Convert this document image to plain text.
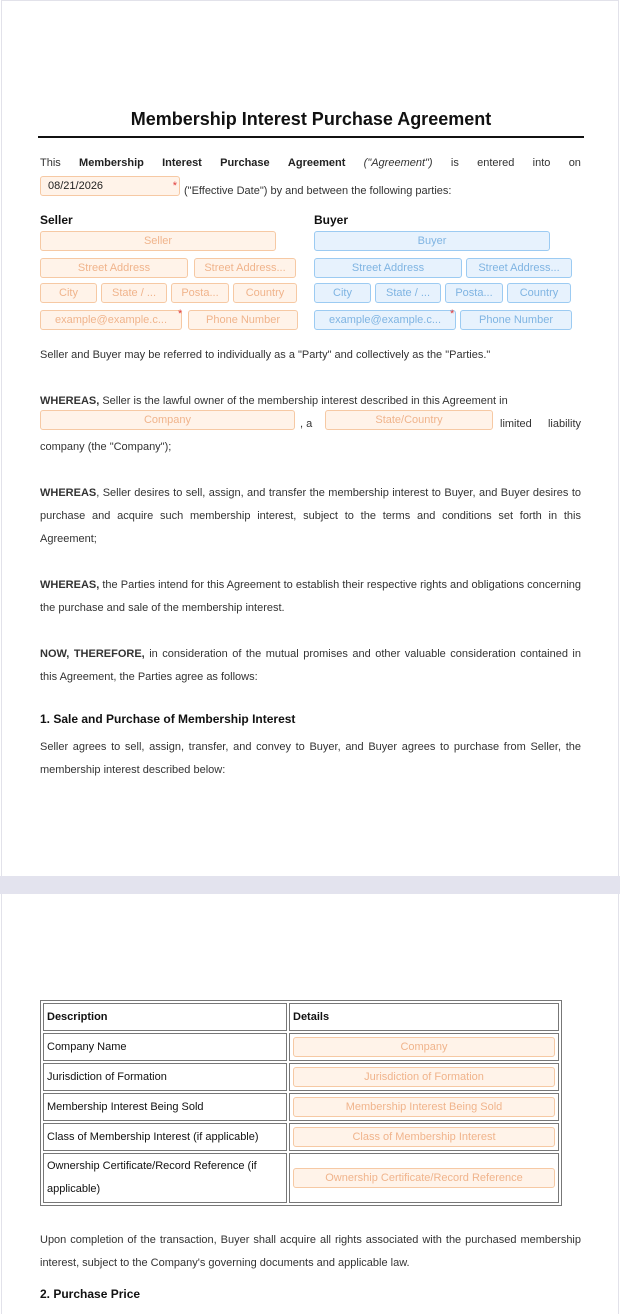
Membership Interest Purchase Agreement
This Membership Interest Purchase Agreement ("Agreement") is entered into on
08/21/2026	* ("Effective Date") by and between the following parties:
Seller
Seller
Street Address	Street Address...
City	State / ...	Posta...	Country
example@example.c... *	Phone Number
Buyer
Buyer
Street Address	Street Address...
City	State / ...	Posta...	Country
example@example.c... *	Phone Number

Seller and Buyer may be referred to individually as a "Party" and collectively as the "Parties."

WHEREAS, Seller is the lawful owner of the membership interest described in this Agreement in

Company	, a	State/Country	limited liability

company (the "Company");

WHEREAS, Seller desires to sell, assign, and transfer the membership interest to Buyer, and Buyer desires to purchase and acquire such membership interest, subject to the terms and conditions set forth in this Agreement;

WHEREAS, the Parties intend for this Agreement to establish their respective rights and obligations concerning the purchase and sale of the membership interest.

NOW, THEREFORE, in consideration of the mutual promises and other valuable consideration contained in this Agreement, the Parties agree as follows:

1. Sale and Purchase of Membership Interest

Seller agrees to sell, assign, transfer, and convey to Buyer, and Buyer agrees to purchase from Seller, the membership interest described below:

Description	Details
Company Name	Company

Jurisdiction of Formation	Jurisdiction of Formation

Membership Interest Being Sold	Membership Interest Being Sold

Class of Membership Interest (if applicable)	Class of Membership Interest

Ownership Certificate/Record Reference (if applicable)	Ownership Certificate/Record Reference

Upon completion of the transaction, Buyer shall acquire all rights associated with the purchased membership interest, subject to the Company's governing documents and applicable law.

2. Purchase Price
